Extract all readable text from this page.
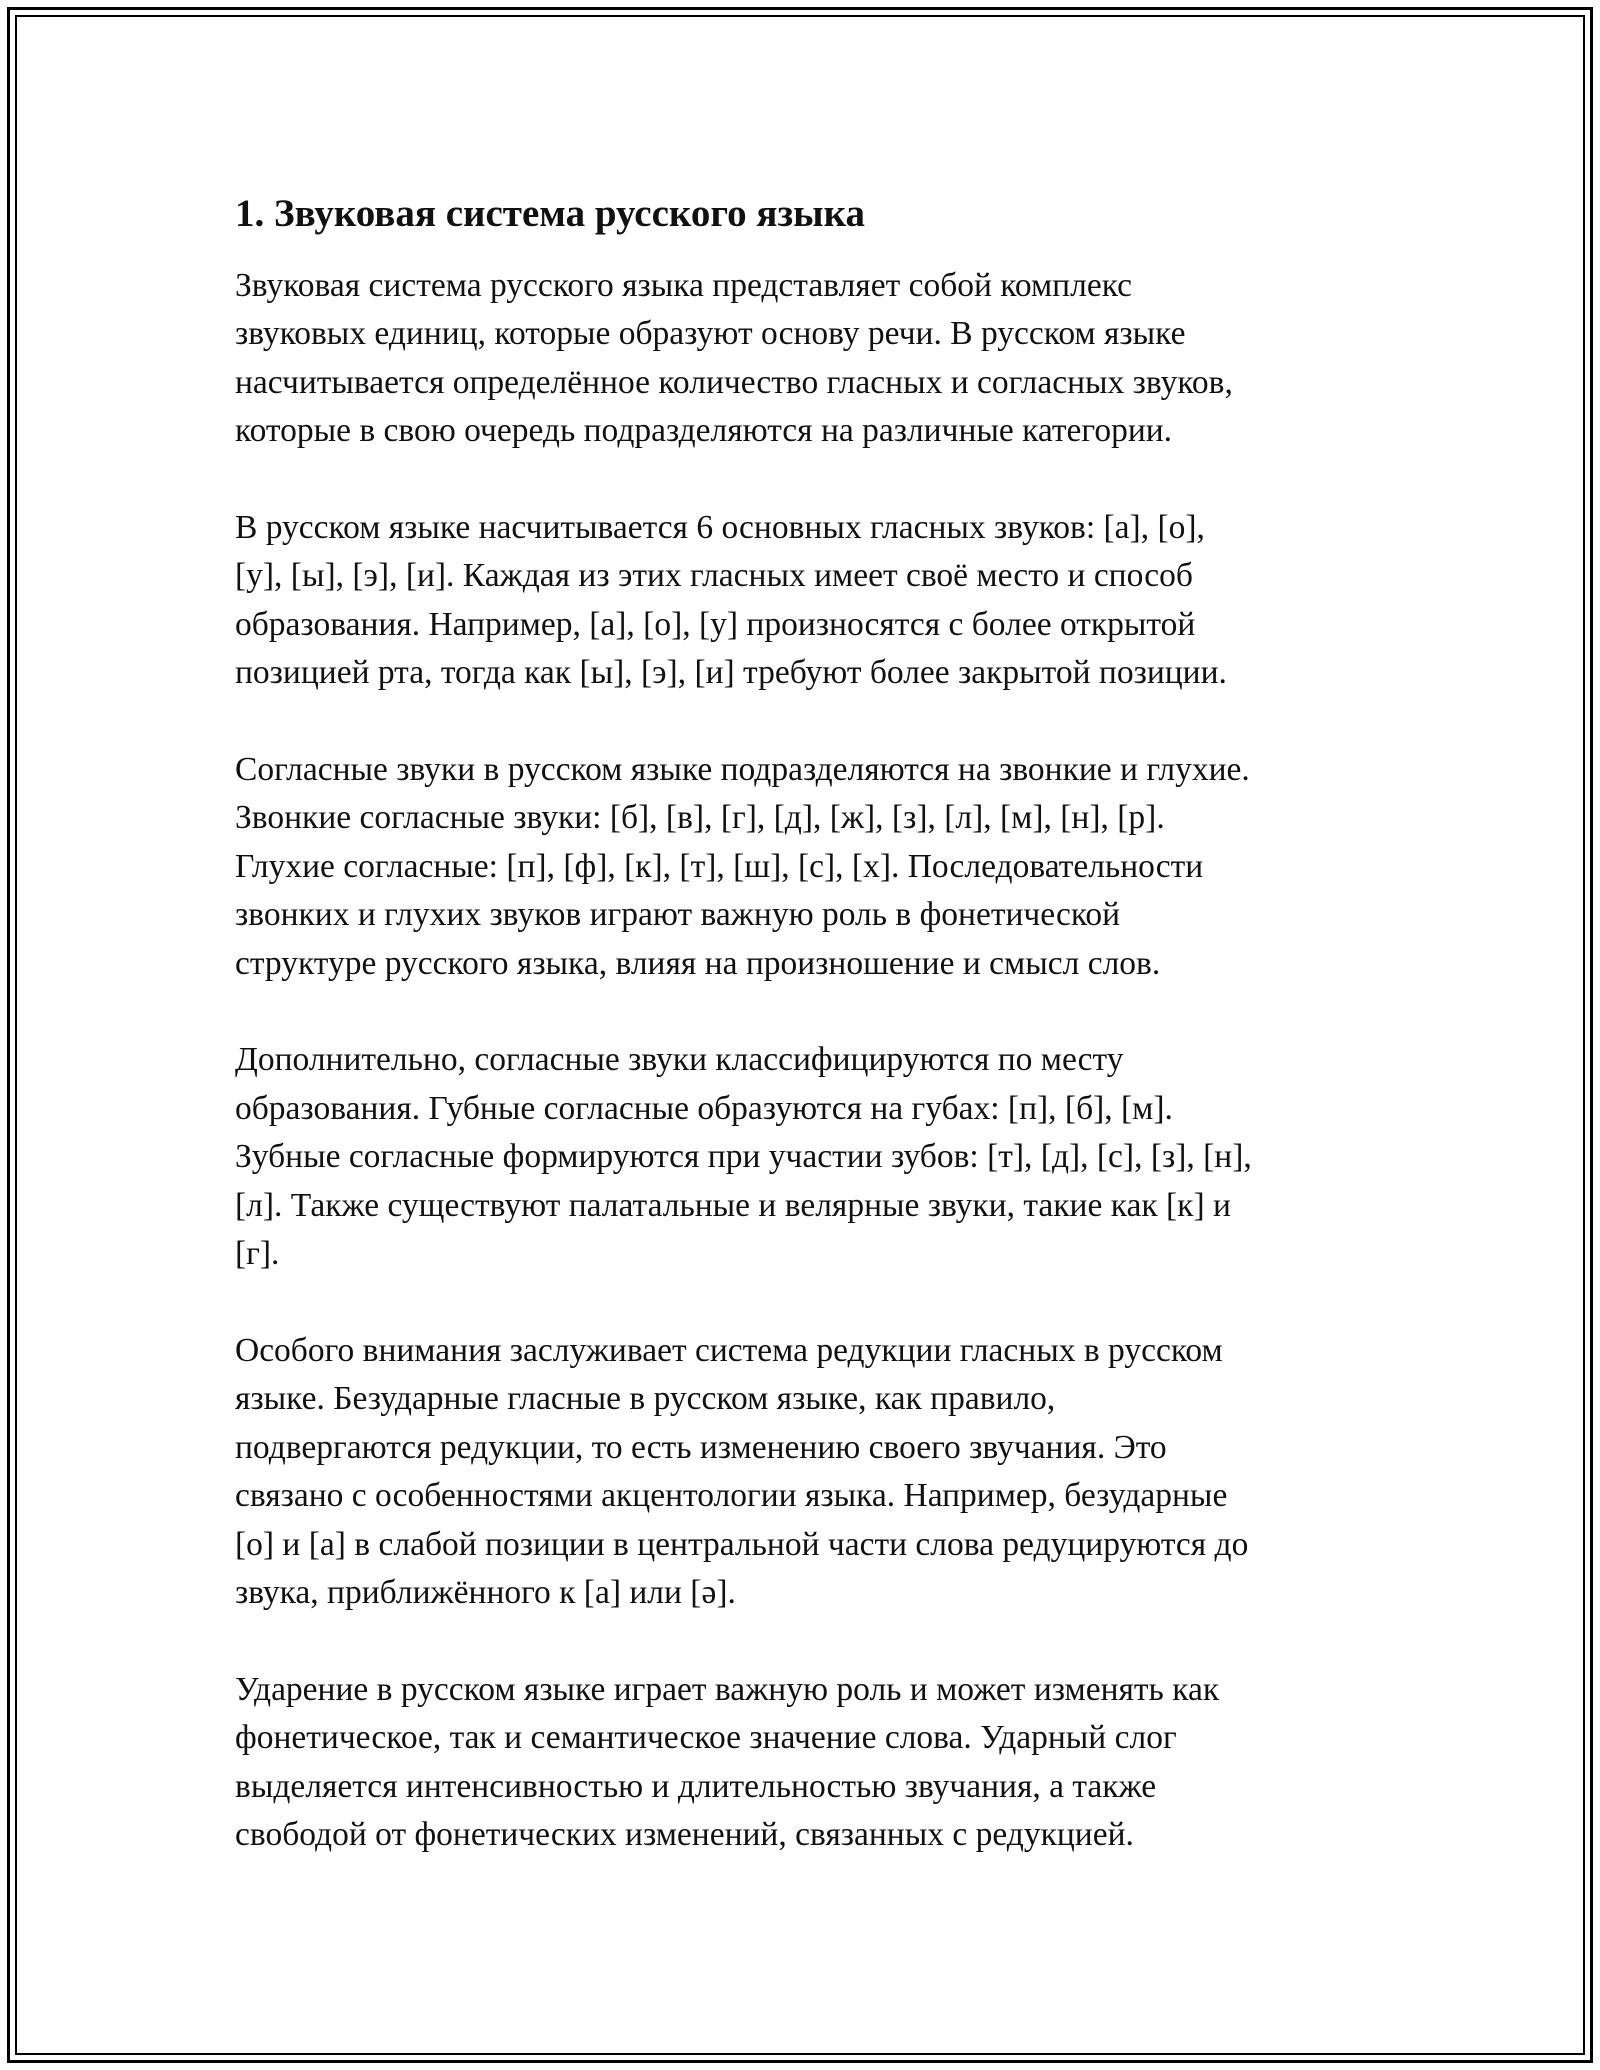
1. Звуковая система русского языка
Звуковая система русского языка представляет собой комплекс
звуковых единиц, которые образуют основу речи. В русском языке
насчитывается определённое количество гласных и согласных звуков,
которые в свою очередь подразделяются на различные категории.
В русском языке насчитывается 6 основных гласных звуков: [а], [о],
[у], [ы], [э], [и]. Каждая из этих гласных имеет своё место и способ
образования. Например, [а], [о], [у] произносятся с более открытой
позицией рта, тогда как [ы], [э], [и] требуют более закрытой позиции.
Согласные звуки в русском языке подразделяются на звонкие и глухие.
Звонкие согласные звуки: [б], [в], [г], [д], [ж], [з], [л], [м], [н], [р].
Глухие согласные: [п], [ф], [к], [т], [ш], [с], [х]. Последовательности
звонких и глухих звуков играют важную роль в фонетической
структуре русского языка, влияя на произношение и смысл слов.
Дополнительно, согласные звуки классифицируются по месту
образования. Губные согласные образуются на губах: [п], [б], [м].
Зубные согласные формируются при участии зубов: [т], [д], [с], [з], [н],
[л]. Также существуют палатальные и велярные звуки, такие как [к] и
[г].
Особого внимания заслуживает система редукции гласных в русском
языке. Безударные гласные в русском языке, как правило,
подвергаются редукции, то есть изменению своего звучания. Это
связано с особенностями акцентологии языка. Например, безударные
[о] и [а] в слабой позиции в центральной части слова редуцируются до
звука, приближённого к [а] или [ə].
Ударение в русском языке играет важную роль и может изменять как
фонетическое, так и семантическое значение слова. Ударный слог
выделяется интенсивностью и длительностью звучания, а также
свободой от фонетических изменений, связанных с редукцией.
